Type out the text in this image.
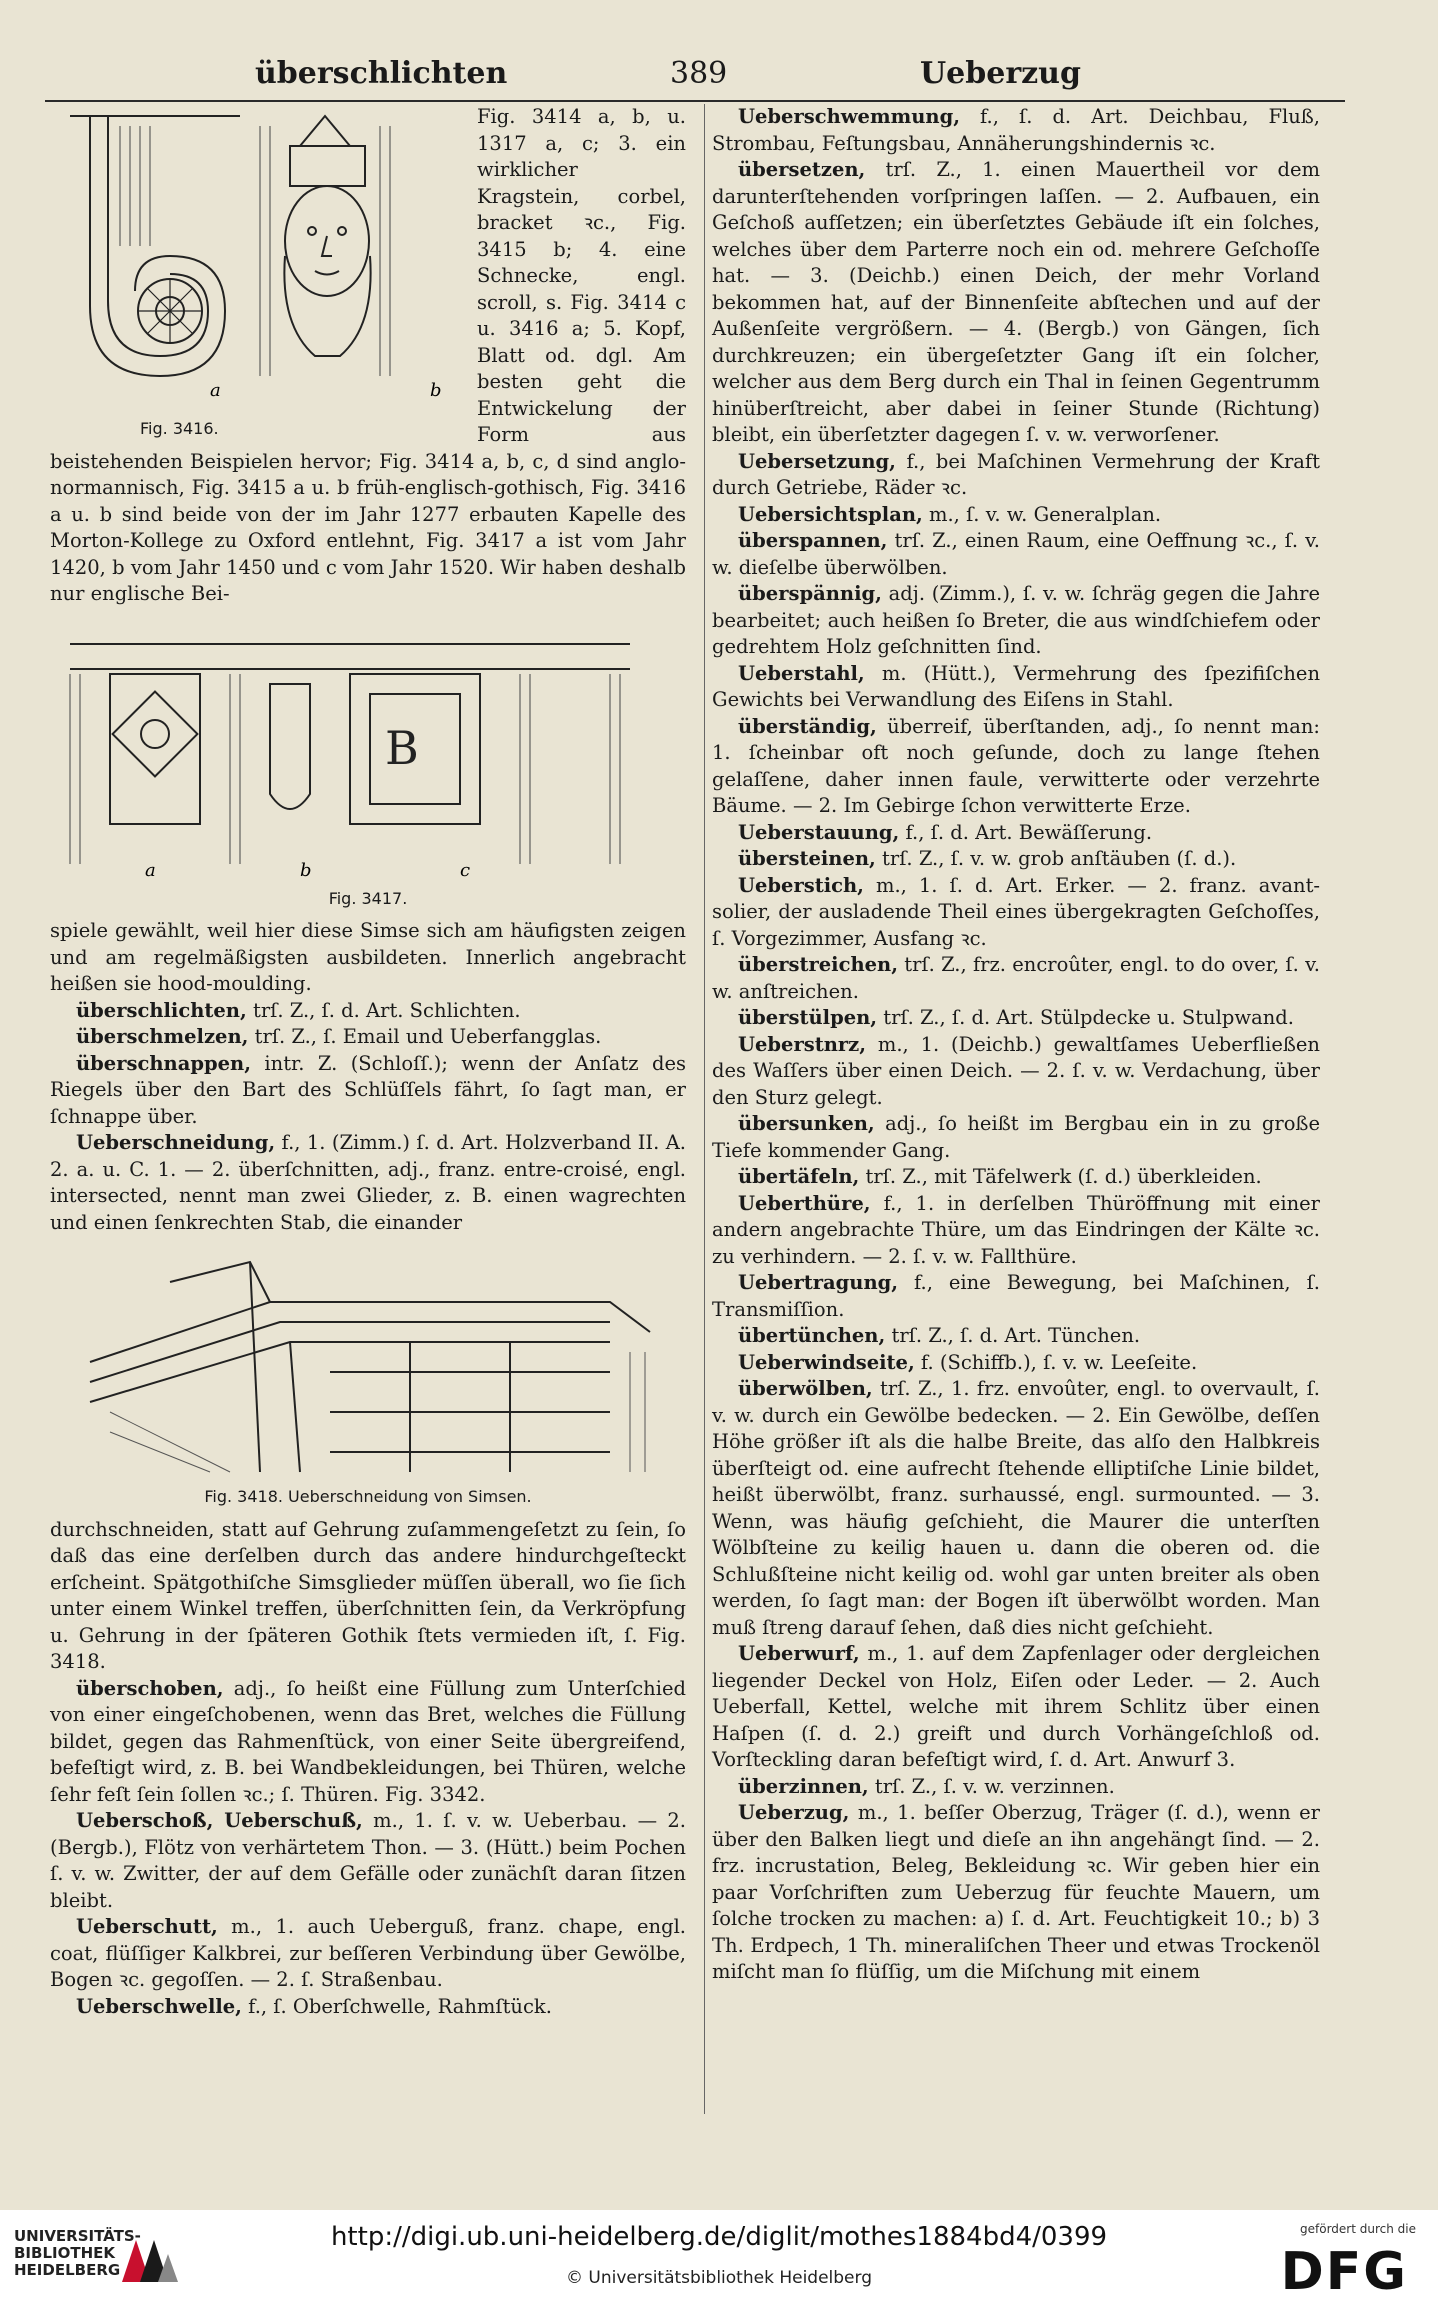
überschlichten	389	Ueberzug
a	b
Fig. 3416.

Fig. 3414 a, b, u. 1317 a, c; 3. ein wirklicher Kragstein, corbel, bracket ꝛc., Fig. 3415 b; 4. eine Schnecke, engl. scroll, s. Fig. 3414 c u. 3416 a; 5. Kopf, Blatt od. dgl. Am besten geht die Entwickelung der Form aus beistehenden Beispielen hervor; Fig. 3414 a, b, c, d sind anglo-normannisch, Fig. 3415 a u. b früh-englisch-gothisch, Fig. 3416 a u. b sind beide von der im Jahr 1277 erbauten Kapelle des Morton-Kollege zu Oxford entlehnt, Fig. 3417 a ist vom Jahr 1420, b vom Jahr 1450 und c vom Jahr 1520. Wir haben deshalb nur englische Bei-

B
a	b	c
Fig. 3417.

spiele gewählt, weil hier diese Simse sich am häufigsten zeigen und am regelmäßigsten ausbildeten. Innerlich angebracht heißen sie hood-moulding.

überschlichten, trſ. Z., ſ. d. Art. Schlichten.

überschmelzen, trſ. Z., ſ. Email und Ueberfangglas.

überschnappen, intr. Z. (Schloſſ.); wenn der Anſatz des Riegels über den Bart des Schlüſſels fährt, ſo ſagt man, er ſchnappe über.

Ueberschneidung, f., 1. (Zimm.) ſ. d. Art. Holzverband II. A. 2. a. u. C. 1. — 2. überſchnitten, adj., franz. entre-croisé, engl. intersected, nennt man zwei Glieder, z. B. einen wagrechten und einen ſenkrechten Stab, die einander

Fig. 3418. Ueberschneidung von Simsen.

durchschneiden, statt auf Gehrung zuſammengeſetzt zu ſein, ſo daß das eine derſelben durch das andere hindurchgeſteckt erſcheint. Spätgothiſche Simsglieder müſſen überall, wo ſie ſich unter einem Winkel treffen, überſchnitten ſein, da Verkröpfung u. Gehrung in der ſpäteren Gothik ſtets vermieden iſt, ſ. Fig. 3418.

überschoben, adj., ſo heißt eine Füllung zum Unterſchied von einer eingeſchobenen, wenn das Bret, welches die Füllung bildet, gegen das Rahmenſtück, von einer Seite übergreifend, befeſtigt wird, z. B. bei Wandbekleidungen, bei Thüren, welche ſehr feſt ſein ſollen ꝛc.; ſ. Thüren. Fig. 3342.

Ueberschoß, Ueberschuß, m., 1. ſ. v. w. Ueberbau. — 2. (Bergb.), Flötz von verhärtetem Thon. — 3. (Hütt.) beim Pochen ſ. v. w. Zwitter, der auf dem Gefälle oder zunächſt daran ſitzen bleibt.

Ueberschutt, m., 1. auch Ueberguß, franz. chape, engl. coat, flüſſiger Kalkbrei, zur beſſeren Verbindung über Gewölbe, Bogen ꝛc. gegoſſen. — 2. ſ. Straßenbau.

Ueberschwelle, f., ſ. Oberſchwelle, Rahmſtück.

Ueberschwemmung, f., ſ. d. Art. Deichbau, Fluß, Strombau, Feſtungsbau, Annäherungshindernis ꝛc.

übersetzen, trſ. Z., 1. einen Mauertheil vor dem darunterſtehenden vorſpringen laſſen. — 2. Aufbauen, ein Geſchoß aufſetzen; ein überſetztes Gebäude iſt ein ſolches, welches über dem Parterre noch ein od. mehrere Geſchoſſe hat. — 3. (Deichb.) einen Deich, der mehr Vorland bekommen hat, auf der Binnenſeite abſtechen und auf der Außenſeite vergrößern. — 4. (Bergb.) von Gängen, ſich durchkreuzen; ein übergeſetzter Gang iſt ein ſolcher, welcher aus dem Berg durch ein Thal in ſeinen Gegentrumm hinüberſtreicht, aber dabei in ſeiner Stunde (Richtung) bleibt, ein überſetzter dagegen ſ. v. w. verworſener.

Uebersetzung, f., bei Maſchinen Vermehrung der Kraft durch Getriebe, Räder ꝛc.

Uebersichtsplan, m., ſ. v. w. Generalplan.

überspannen, trſ. Z., einen Raum, eine Oeffnung ꝛc., ſ. v. w. dieſelbe überwölben.

überspännig, adj. (Zimm.), ſ. v. w. ſchräg gegen die Jahre bearbeitet; auch heißen ſo Breter, die aus windſchiefem oder gedrehtem Holz geſchnitten ſind.

Ueberstahl, m. (Hütt.), Vermehrung des ſpezifiſchen Gewichts bei Verwandlung des Eiſens in Stahl.

überständig, überreif, überſtanden, adj., ſo nennt man: 1. ſcheinbar oft noch geſunde, doch zu lange ſtehen gelaſſene, daher innen faule, verwitterte oder verzehrte Bäume. — 2. Im Gebirge ſchon verwitterte Erze.

Ueberstauung, f., ſ. d. Art. Bewäſſerung.

übersteinen, trſ. Z., ſ. v. w. grob anſtäuben (ſ. d.).

Ueberstich, m., 1. ſ. d. Art. Erker. — 2. franz. avant-solier, der ausladende Theil eines übergekragten Geſchoſſes, ſ. Vorgezimmer, Ausfang ꝛc.

überstreichen, trſ. Z., frz. encroûter, engl. to do over, ſ. v. w. anſtreichen.

überstülpen, trſ. Z., ſ. d. Art. Stülpdecke u. Stulpwand.

Ueberstnrz, m., 1. (Deichb.) gewaltſames Ueberfließen des Waſſers über einen Deich. — 2. ſ. v. w. Verdachung, über den Sturz gelegt.

übersunken, adj., ſo heißt im Bergbau ein in zu große Tiefe kommender Gang.

übertäfeln, trſ. Z., mit Täfelwerk (ſ. d.) überkleiden.

Ueberthüre, f., 1. in derſelben Thüröffnung mit einer andern angebrachte Thüre, um das Eindringen der Kälte ꝛc. zu verhindern. — 2. ſ. v. w. Fallthüre.

Uebertragung, f., eine Bewegung, bei Maſchinen, ſ. Transmiſſion.

übertünchen, trſ. Z., ſ. d. Art. Tünchen.

Ueberwindseite, f. (Schiffb.), ſ. v. w. Leeſeite.

überwölben, trſ. Z., 1. frz. envoûter, engl. to overvault, ſ. v. w. durch ein Gewölbe bedecken. — 2. Ein Gewölbe, deſſen Höhe größer iſt als die halbe Breite, das alſo den Halbkreis überſteigt od. eine aufrecht ſtehende elliptiſche Linie bildet, heißt überwölbt, franz. surhaussé, engl. surmounted. — 3. Wenn, was häufig geſchieht, die Maurer die unterſten Wölbſteine zu keilig hauen u. dann die oberen od. die Schlußſteine nicht keilig od. wohl gar unten breiter als oben werden, ſo ſagt man: der Bogen iſt überwölbt worden. Man muß ſtreng darauf ſehen, daß dies nicht geſchieht.

Ueberwurf, m., 1. auf dem Zapfenlager oder dergleichen liegender Deckel von Holz, Eiſen oder Leder. — 2. Auch Ueberfall, Kettel, welche mit ihrem Schlitz über einen Haſpen (ſ. d. 2.) greift und durch Vorhängeſchloß od. Vorſteckling daran befeſtigt wird, ſ. d. Art. Anwurf 3.

überzinnen, trſ. Z., ſ. v. w. verzinnen.

Ueberzug, m., 1. beſſer Oberzug, Träger (ſ. d.), wenn er über den Balken liegt und dieſe an ihn angehängt ſind. — 2. frz. incrustation, Beleg, Bekleidung ꝛc. Wir geben hier ein paar Vorſchriften zum Ueberzug für feuchte Mauern, um ſolche trocken zu machen: a) ſ. d. Art. Feuchtigkeit 10.; b) 3 Th. Erdpech, 1 Th. mineraliſchen Theer und etwas Trockenöl miſcht man ſo flüſſig, um die Miſchung mit einem

UNIVERSITÄTS-
BIBLIOTHEK
HEIDELBERG
http://digi.ub.uni-heidelberg.de/diglit/mothes1884bd4/0399
© Universitätsbibliothek Heidelberg
gefördert durch die
DFG
